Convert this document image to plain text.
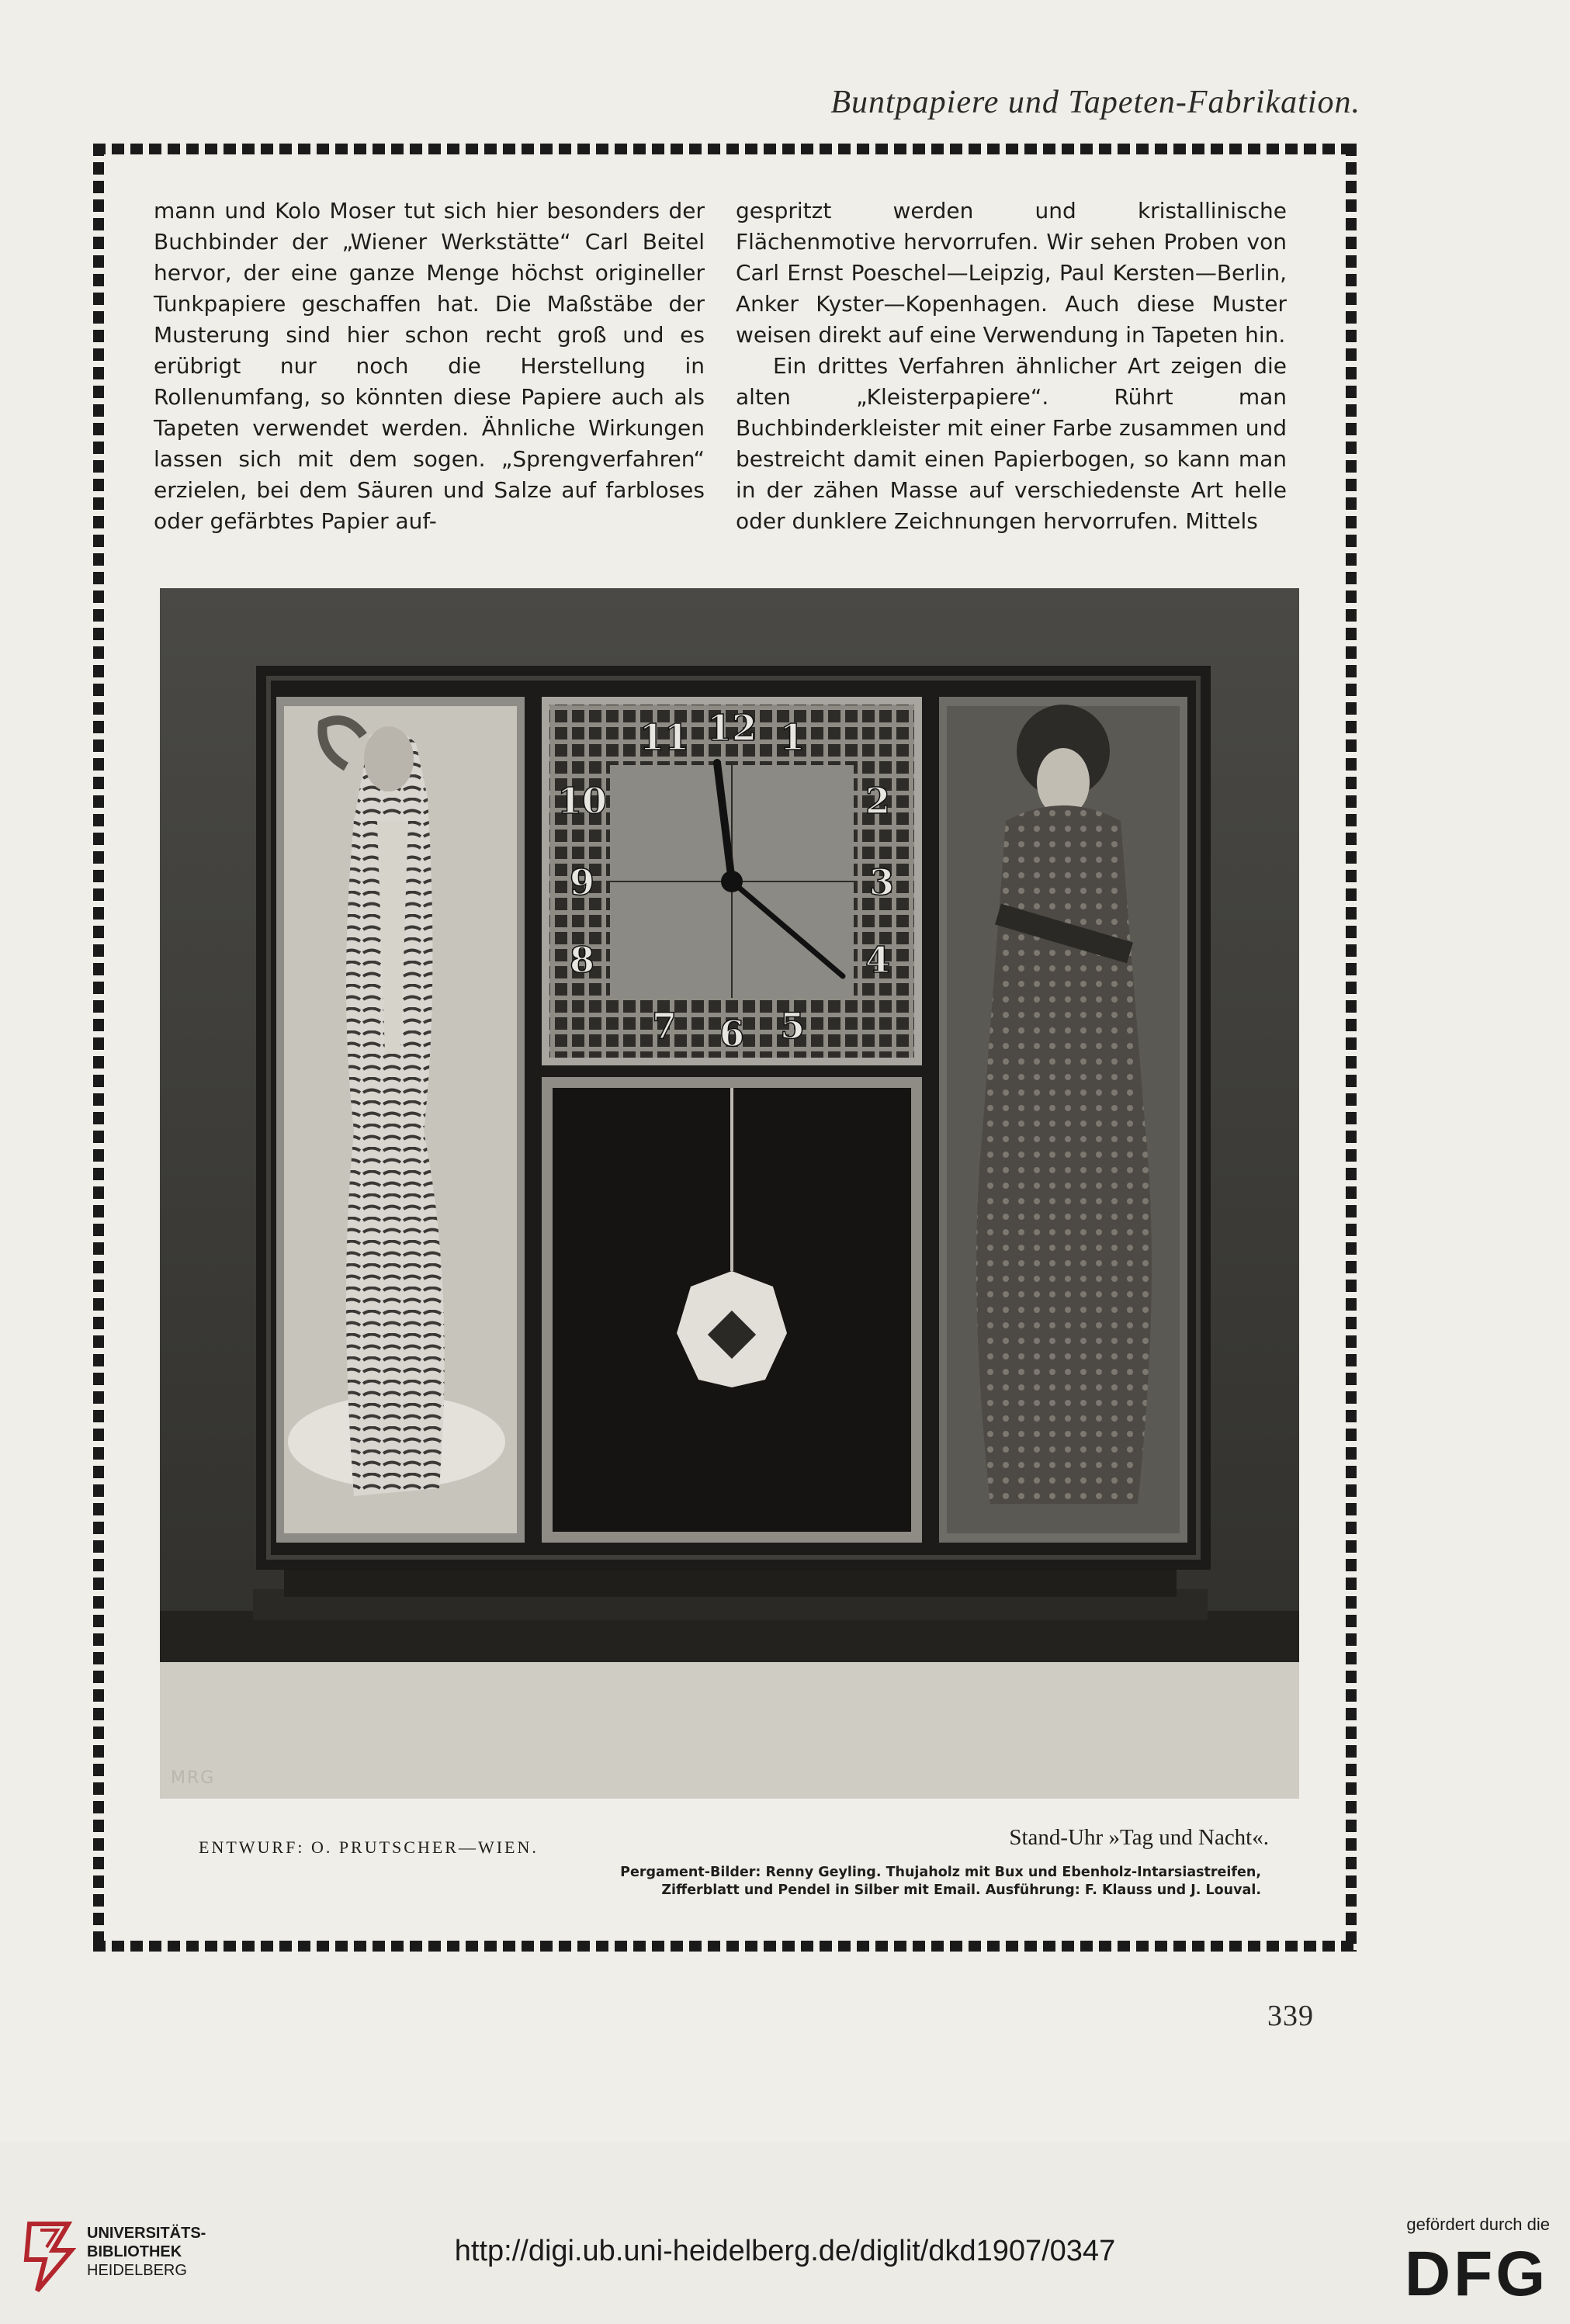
Buntpapiere und Tapeten-Fabrikation.

mann und Kolo Moser tut sich hier besonders der Buchbinder der „Wiener Werkstätte“ Carl Beitel hervor, der eine ganze Menge höchst origineller Tunkpapiere geschaffen hat. Die Maßstäbe der Musterung sind hier schon recht groß und es erübrigt nur noch die Herstellung in Rollenumfang, so könnten diese Papiere auch als Tapeten verwendet werden. Ähnliche Wirkungen lassen sich mit dem sogen. „Sprengverfahren“ erzielen, bei dem Säuren und Salze auf farbloses oder gefärbtes Papier auf-

gespritzt werden und kristallinische Flächenmotive hervorrufen. Wir sehen Proben von Carl Ernst Poeschel—Leipzig, Paul Kersten—Berlin, Anker Kyster—Kopenhagen. Auch diese Muster weisen direkt auf eine Verwendung in Tapeten hin.

Ein drittes Verfahren ähnlicher Art zeigen die alten „Kleisterpapiere“. Rührt man Buchbinderkleister mit einer Farbe zusammen und bestreicht damit einen Papierbogen, so kann man in der zähen Masse auf verschiedenste Art helle oder dunklere Zeichnungen hervorrufen. Mittels

12 1
2
3
4
5
6
7
8
9
10
11
MRG
ENTWURF: O. PRUTSCHER—WIEN.	Stand-Uhr »Tag und Nacht«.
Pergament-Bilder: Renny Geyling. Thujaholz mit Bux und Ebenholz-Intarsiastreifen,
Zifferblatt und Pendel in Silber mit Email. Ausführung: F. Klauss und J. Louval.
339
UNIVERSITÄTS-
BIBLIOTHEK
HEIDELBERG
http://digi.ub.uni-heidelberg.de/diglit/dkd1907/0347
gefördert durch die
DFG
